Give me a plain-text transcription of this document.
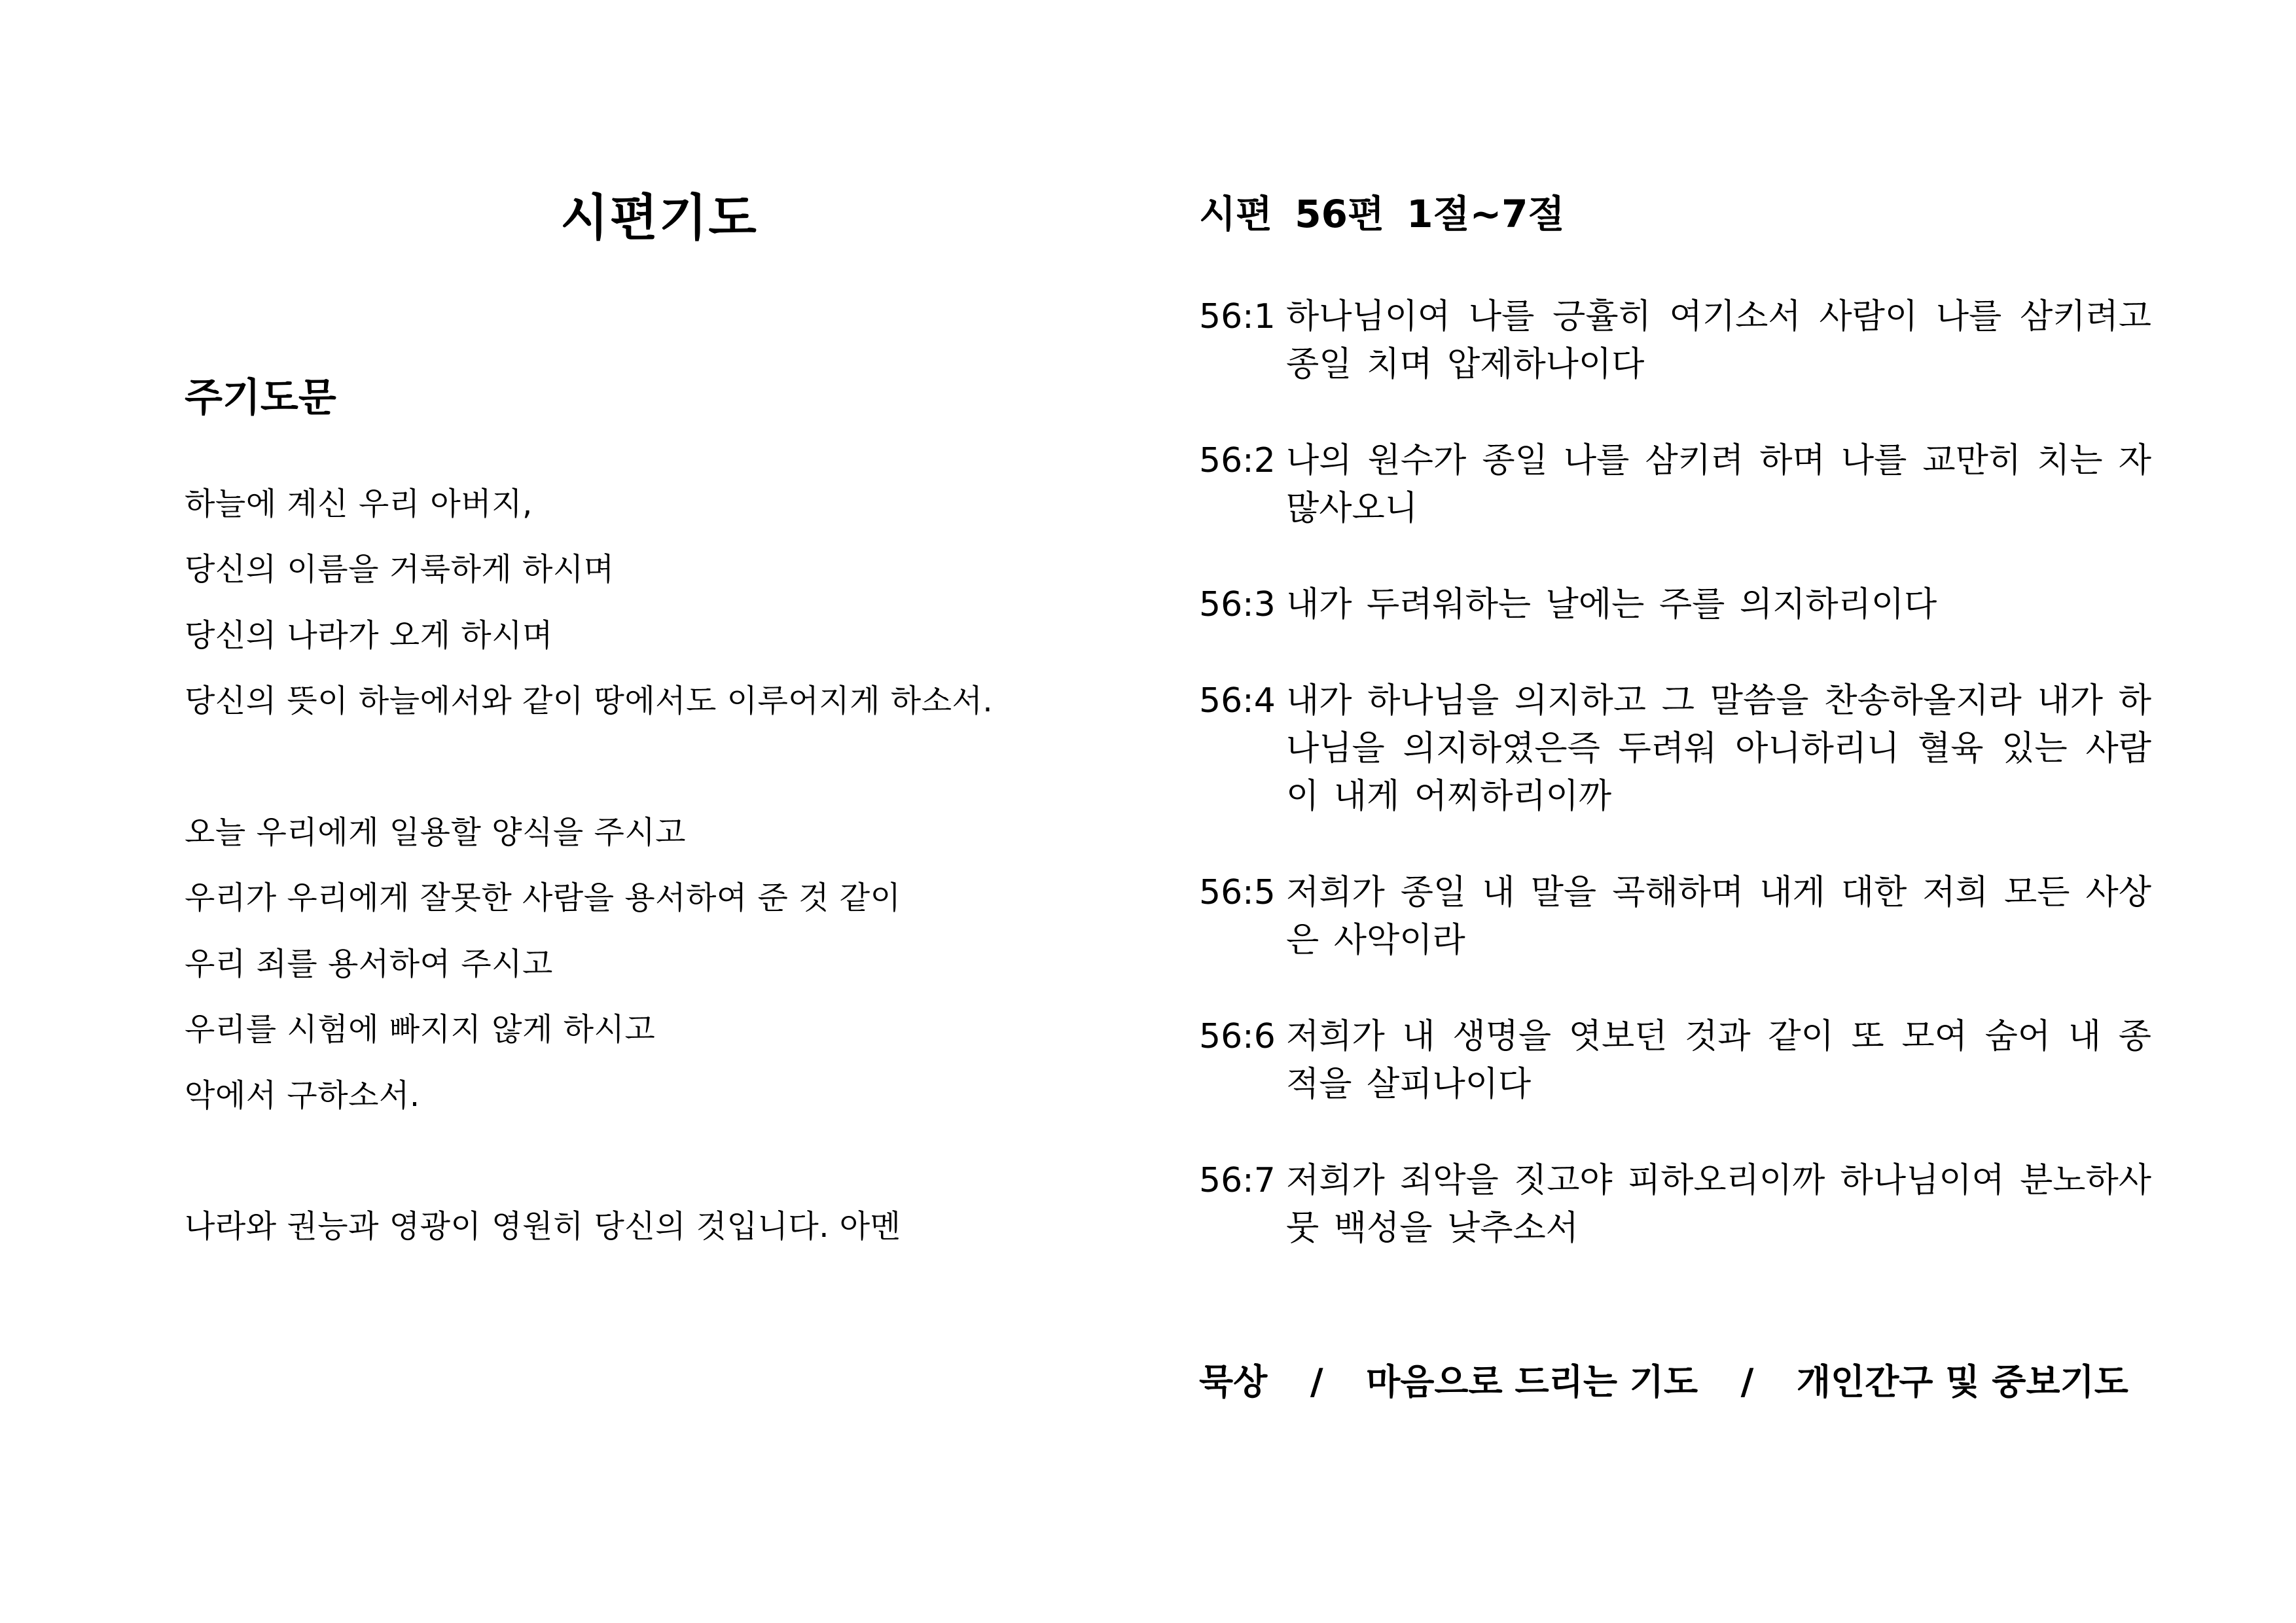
시편기도
주기도문
하늘에 계신 우리 아버지,
당신의 이름을 거룩하게 하시며
당신의 나라가 오게 하시며
당신의 뜻이 하늘에서와 같이 땅에서도 이루어지게 하소서.
오늘 우리에게 일용할 양식을 주시고
우리가 우리에게 잘못한 사람을 용서하여 준 것 같이
우리 죄를 용서하여 주시고
우리를 시험에 빠지지 않게 하시고
악에서 구하소서.
나라와 권능과 영광이 영원히 당신의 것입니다. 아멘
시편 56편 1절~7절
56:1 하나님이여 나를 긍휼히 여기소서 사람이 나를 삼키려고 종일 치며 압제하나이다
56:2 나의 원수가 종일 나를 삼키려 하며 나를 교만히 치는 자 많사오니
56:3 내가 두려워하는 날에는 주를 의지하리이다
56:4 내가 하나님을 의지하고 그 말씀을 찬송하올지라 내가 하나님을 의지하였은즉 두려워 아니하리니 혈육 있는 사람이 내게 어찌하리이까
56:5 저희가 종일 내 말을 곡해하며 내게 대한 저희 모든 사상은 사악이라
56:6 저희가 내 생명을 엿보던 것과 같이 또 모여 숨어 내 종적을 살피나이다
56:7 저희가 죄악을 짓고야 피하오리이까 하나님이여 분노하사 뭇 백성을 낮추소서
묵상 / 마음으로 드리는 기도 / 개인간구 및 중보기도
